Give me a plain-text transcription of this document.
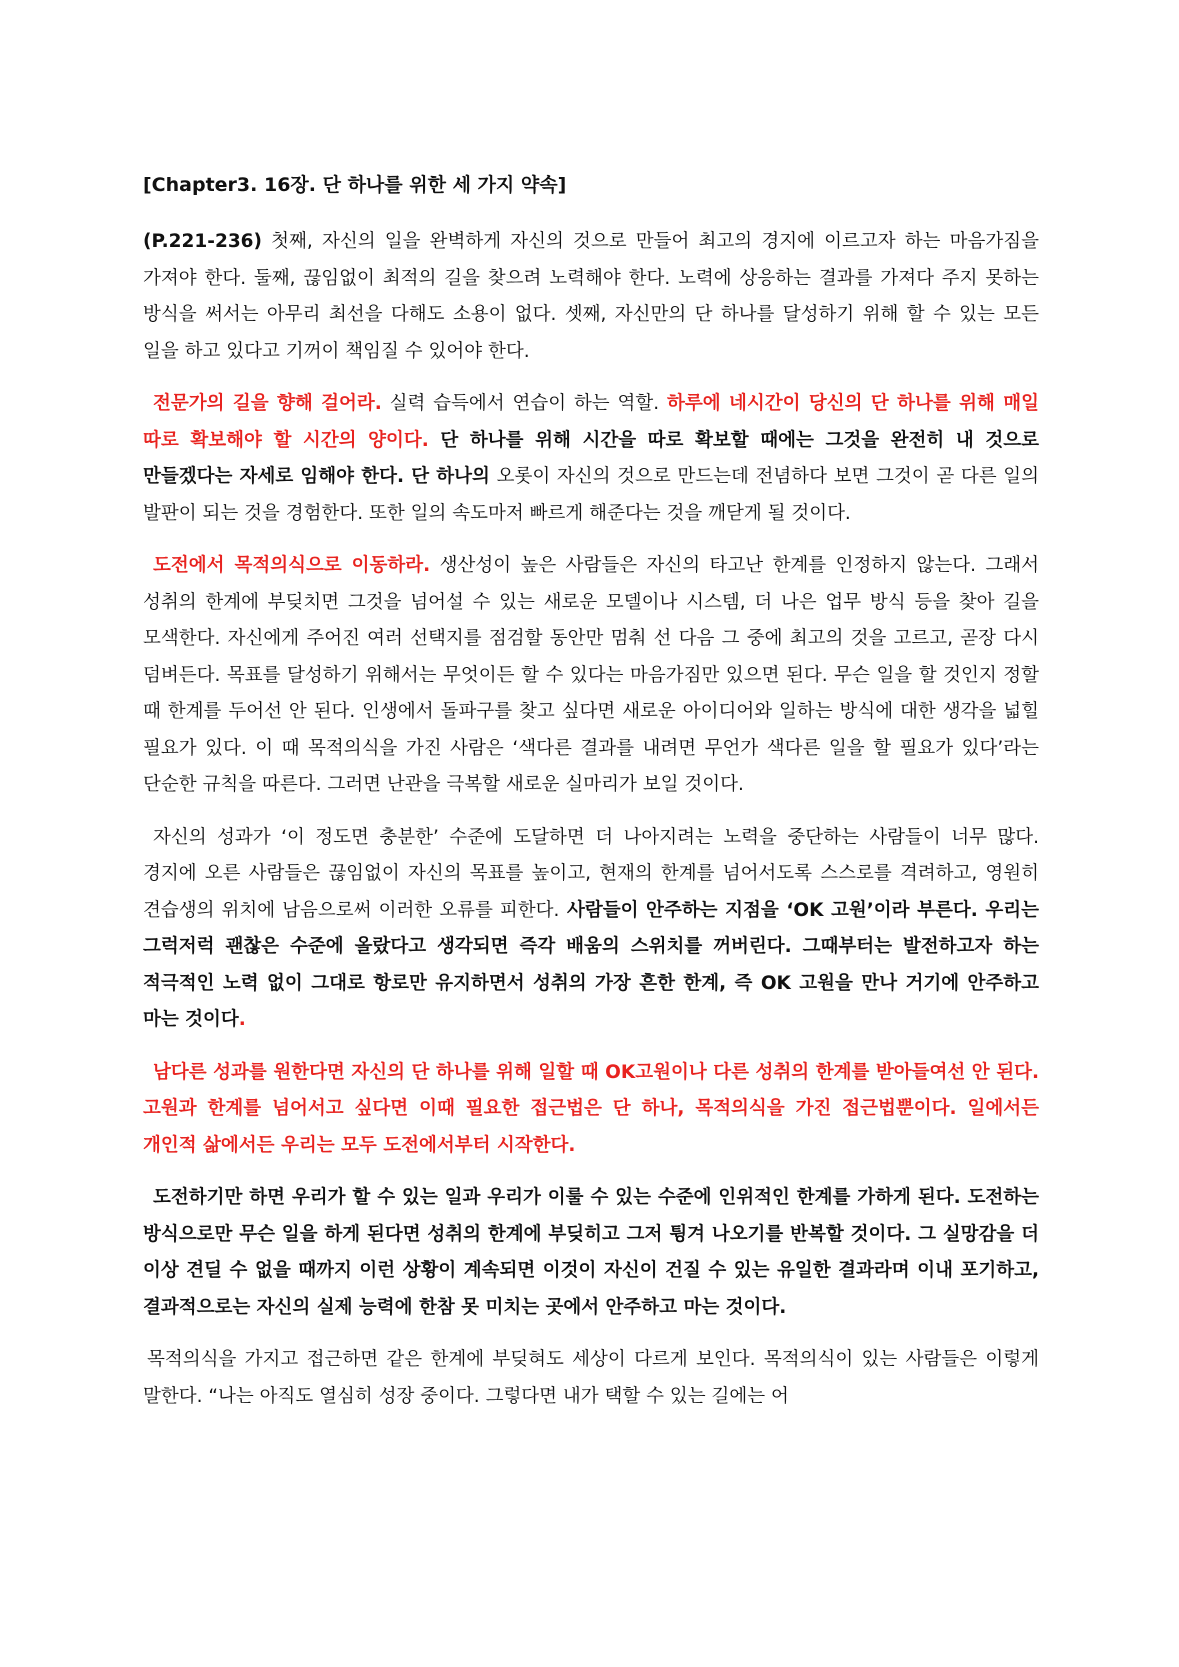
[Chapter3. 16장. 단 하나를 위한 세 가지 약속]

(P.221-236) 첫째, 자신의 일을 완벽하게 자신의 것으로 만들어 최고의 경지에 이르고자 하는 마음가짐을 가져야 한다. 둘째, 끊임없이 최적의 길을 찾으려 노력해야 한다. 노력에 상응하는 결과를 가져다 주지 못하는 방식을 써서는 아무리 최선을 다해도 소용이 없다. 셋째, 자신만의 단 하나를 달성하기 위해 할 수 있는 모든 일을 하고 있다고 기꺼이 책임질 수 있어야 한다.

전문가의 길을 향해 걸어라. 실력 습득에서 연습이 하는 역할. 하루에 네시간이 당신의 단 하나를 위해 매일 따로 확보해야 할 시간의 양이다. 단 하나를 위해 시간을 따로 확보할 때에는 그것을 완전히 내 것으로 만들겠다는 자세로 임해야 한다. 단 하나의 오롯이 자신의 것으로 만드는데 전념하다 보면 그것이 곧 다른 일의 발판이 되는 것을 경험한다. 또한 일의 속도마저 빠르게 해준다는 것을 깨닫게 될 것이다.

도전에서 목적의식으로 이동하라. 생산성이 높은 사람들은 자신의 타고난 한계를 인정하지 않는다. 그래서 성취의 한계에 부딪치면 그것을 넘어설 수 있는 새로운 모델이나 시스템, 더 나은 업무 방식 등을 찾아 길을 모색한다. 자신에게 주어진 여러 선택지를 점검할 동안만 멈춰 선 다음 그 중에 최고의 것을 고르고, 곧장 다시 덤벼든다. 목표를 달성하기 위해서는 무엇이든 할 수 있다는 마음가짐만 있으면 된다. 무슨 일을 할 것인지 정할 때 한계를 두어선 안 된다. 인생에서 돌파구를 찾고 싶다면 새로운 아이디어와 일하는 방식에 대한 생각을 넓힐 필요가 있다. 이 때 목적의식을 가진 사람은 ‘색다른 결과를 내려면 무언가 색다른 일을 할 필요가 있다’라는 단순한 규칙을 따른다. 그러면 난관을 극복할 새로운 실마리가 보일 것이다.

자신의 성과가 ‘이 정도면 충분한’ 수준에 도달하면 더 나아지려는 노력을 중단하는 사람들이 너무 많다. 경지에 오른 사람들은 끊임없이 자신의 목표를 높이고, 현재의 한계를 넘어서도록 스스로를 격려하고, 영원히 견습생의 위치에 남음으로써 이러한 오류를 피한다. 사람들이 안주하는 지점을 ‘OK 고원’이라 부른다. 우리는 그럭저럭 괜찮은 수준에 올랐다고 생각되면 즉각 배움의 스위치를 꺼버린다. 그때부터는 발전하고자 하는 적극적인 노력 없이 그대로 항로만 유지하면서 성취의 가장 흔한 한계, 즉 OK 고원을 만나 거기에 안주하고 마는 것이다.

남다른 성과를 원한다면 자신의 단 하나를 위해 일할 때 OK고원이나 다른 성취의 한계를 받아들여선 안 된다. 고원과 한계를 넘어서고 싶다면 이때 필요한 접근법은 단 하나, 목적의식을 가진 접근법뿐이다. 일에서든 개인적 삶에서든 우리는 모두 도전에서부터 시작한다.

도전하기만 하면 우리가 할 수 있는 일과 우리가 이룰 수 있는 수준에 인위적인 한계를 가하게 된다. 도전하는 방식으로만 무슨 일을 하게 된다면 성취의 한계에 부딪히고 그저 튕겨 나오기를 반복할 것이다. 그 실망감을 더 이상 견딜 수 없을 때까지 이런 상황이 계속되면 이것이 자신이 건질 수 있는 유일한 결과라며 이내 포기하고, 결과적으로는 자신의 실제 능력에 한참 못 미치는 곳에서 안주하고 마는 것이다.

목적의식을 가지고 접근하면 같은 한계에 부딪혀도 세상이 다르게 보인다. 목적의식이 있는 사람들은 이렇게 말한다. “나는 아직도 열심히 성장 중이다. 그렇다면 내가 택할 수 있는 길에는 어
